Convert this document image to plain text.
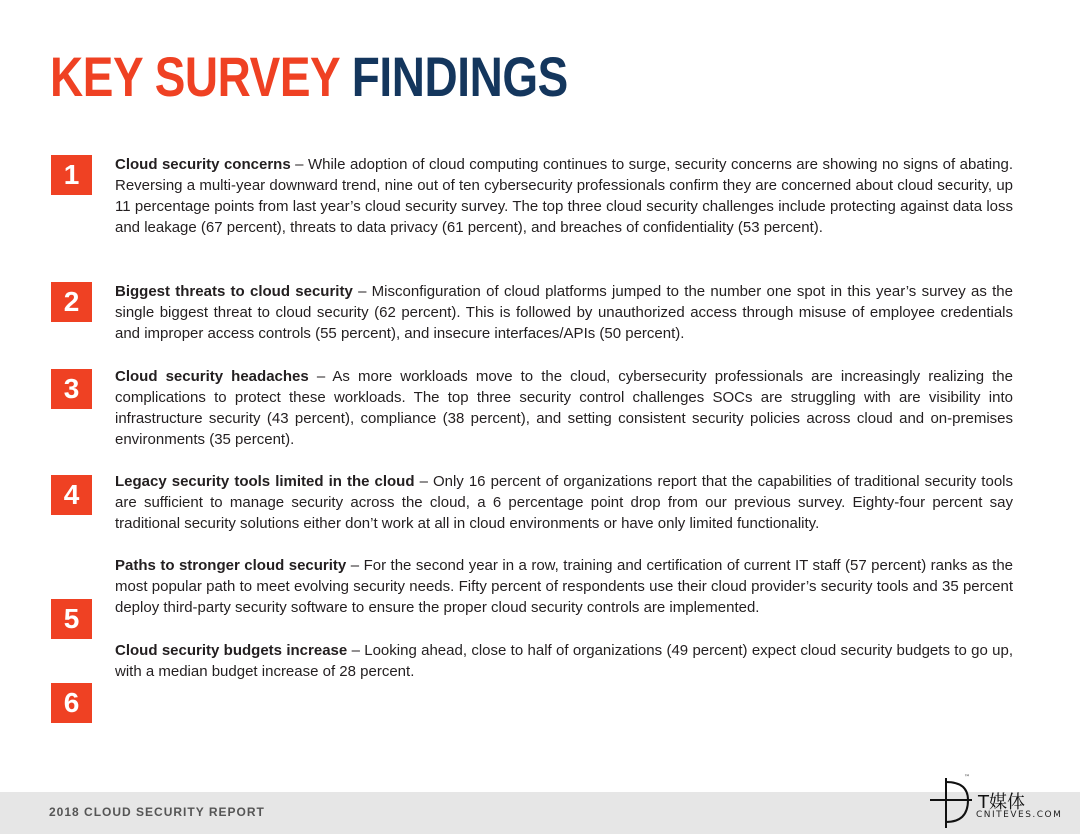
KEY SURVEY FINDINGS
1	Cloud security concerns – While adoption of cloud computing continues to surge, security concerns are showing no signs of abating. Reversing a multi-year downward trend, nine out of ten cybersecurity professionals confirm they are concerned about cloud security, up 11 percentage points from last year’s cloud security survey. The top three cloud security challenges include protecting against data loss and leakage (67 percent), threats to data privacy (61 percent), and breaches of confidentiality (53 percent).

2	Biggest threats to cloud security – Misconfiguration of cloud platforms jumped to the number one spot in this year’s survey as the single biggest threat to cloud security (62 percent). This is followed by unauthorized access through misuse of employee credentials and improper access controls (55 percent), and insecure interfaces/APIs (50 percent).

3	Cloud security headaches – As more workloads move to the cloud, cybersecurity professionals are increasingly realizing the complications to protect these workloads. The top three security control challenges SOCs are struggling with are visibility into infrastructure security (43 percent), compliance (38 percent), and setting consistent security policies across cloud and on-premises environments (35 percent).

4	Legacy security tools limited in the cloud – Only 16 percent of organizations report that the capabilities of traditional security tools are sufficient to manage security across the cloud, a 6 percentage point drop from our previous survey. Eighty-four percent say traditional security solutions either don’t work at all in cloud environments or have only limited functionality.

5

Paths to stronger cloud security – For the second year in a row, training and certification of current IT staff (57 percent) ranks as the most popular path to meet evolving security needs. Fifty percent of respondents use their cloud provider’s security tools and 35 percent deploy third-party security software to ensure the proper cloud security controls are implemented.

6

Cloud security budgets increase – Looking ahead, close to half of organizations (49 percent) expect cloud security budgets to go up, with a median budget increase of 28 percent.

2018 CLOUD SECURITY REPORT
™
T媒体
CNITEVES.COM
